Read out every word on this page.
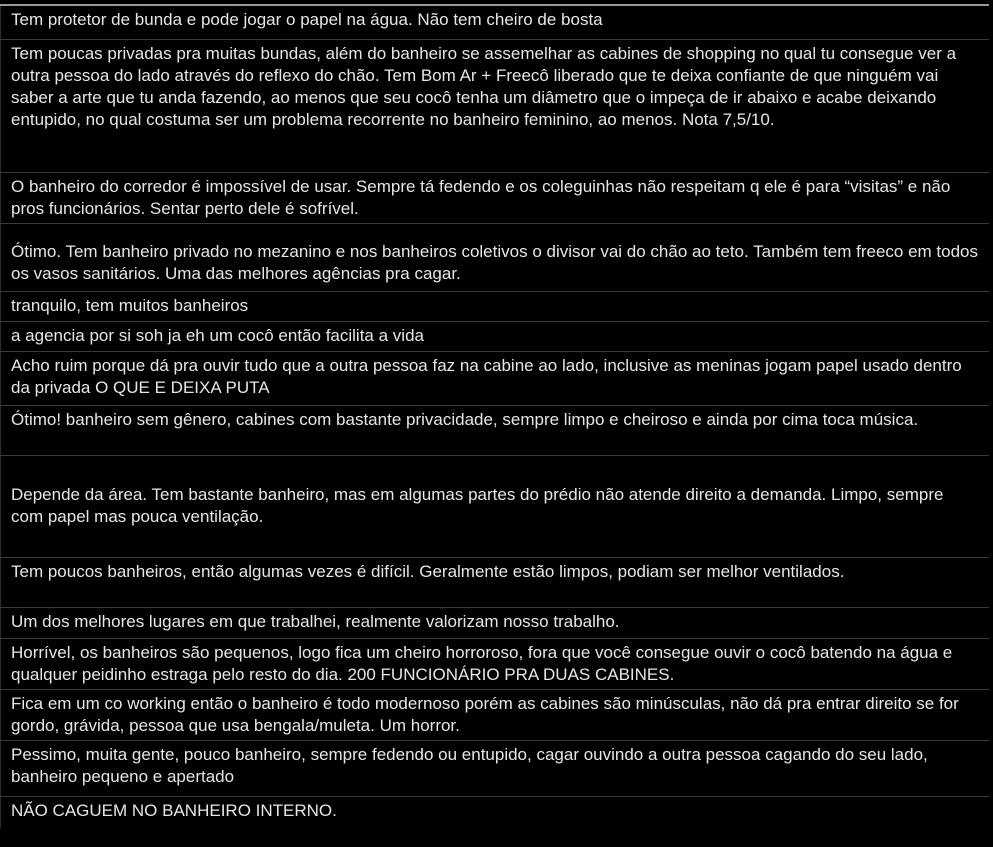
Tem protetor de bunda e pode jogar o papel na água. Não tem cheiro de bosta
Tem poucas privadas pra muitas bundas, além do banheiro se assemelhar as cabines de shopping no qual tu consegue ver a outra pessoa do lado através do reflexo do chão. Tem Bom Ar + Freecô liberado que te deixa confiante de que ninguém vai saber a arte que tu anda fazendo, ao menos que seu cocô tenha um diâmetro que o impeça de ir abaixo e acabe deixando entupido, no qual costuma ser um problema recorrente no banheiro feminino, ao menos. Nota 7,5/10.
O banheiro do corredor é impossível de usar. Sempre tá fedendo e os coleguinhas não respeitam q ele é para “visitas” e não pros funcionários. Sentar perto dele é sofrível.
Ótimo. Tem banheiro privado no mezanino e nos banheiros coletivos o divisor vai do chão ao teto. Também tem freeco em todos os vasos sanitários. Uma das melhores agências pra cagar.
tranquilo, tem muitos banheiros
a agencia por si soh ja eh um cocô então facilita a vida
Acho ruim porque dá pra ouvir tudo que a outra pessoa faz na cabine ao lado, inclusive as meninas jogam papel usado dentro da privada O QUE E DEIXA PUTA
Ótimo! banheiro sem gênero, cabines com bastante privacidade, sempre limpo e cheiroso e ainda por cima toca música.
Depende da área. Tem bastante banheiro, mas em algumas partes do prédio não atende direito a demanda. Limpo, sempre com papel mas pouca ventilação.
Tem poucos banheiros, então algumas vezes é difícil. Geralmente estão limpos, podiam ser melhor ventilados.
Um dos melhores lugares em que trabalhei, realmente valorizam nosso trabalho.
Horrível, os banheiros são pequenos, logo fica um cheiro horroroso, fora que você consegue ouvir o cocô batendo na água e qualquer peidinho estraga pelo resto do dia. 200 FUNCIONÁRIO PRA DUAS CABINES.
Fica em um co working então o banheiro é todo modernoso porém as cabines são minúsculas, não dá pra entrar direito se for gordo, grávida, pessoa que usa bengala/muleta. Um horror.
Pessimo, muita gente, pouco banheiro, sempre fedendo ou entupido, cagar ouvindo a outra pessoa cagando do seu lado, banheiro pequeno e apertado
NÃO CAGUEM NO BANHEIRO INTERNO.
